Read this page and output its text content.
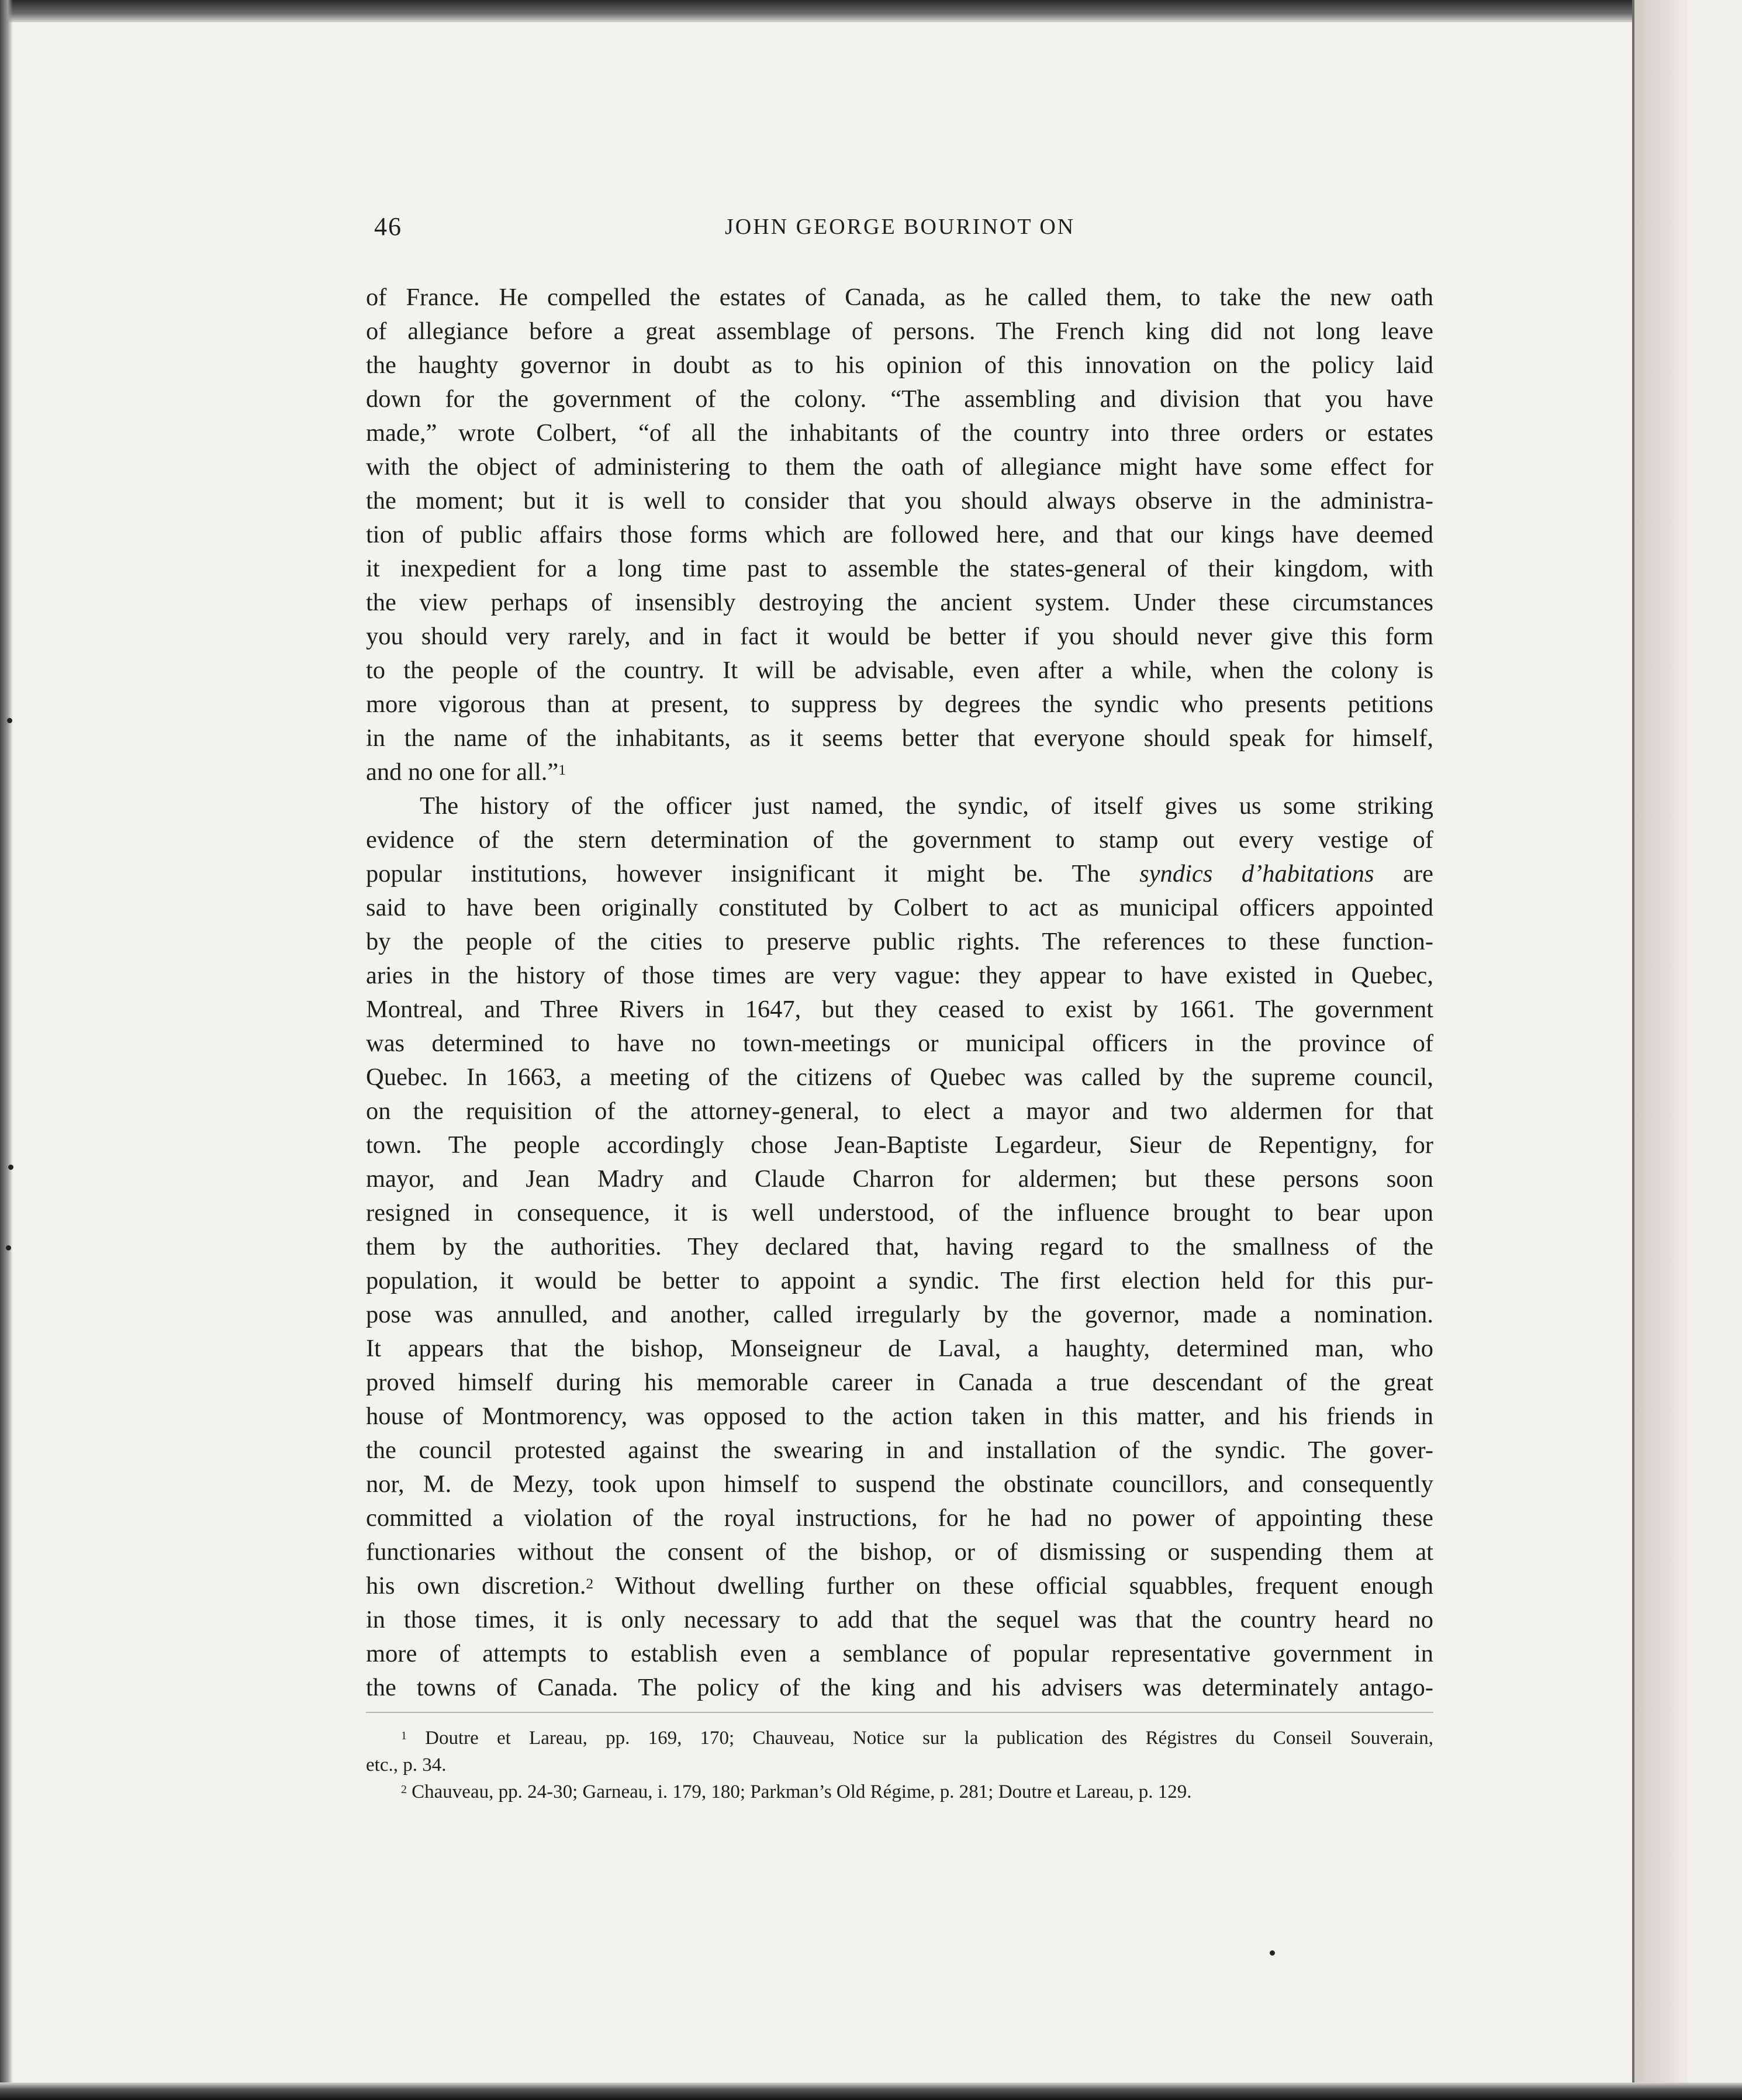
46	JOHN GEORGE BOURINOT ON
of France. He compelled the estates of Canada, as he called them, to take the new oath
of allegiance before a great assemblage of persons. The French king did not long leave
the haughty governor in doubt as to his opinion of this innovation on the policy laid
down for the government of the colony. “The assembling and division that you have
made,” wrote Colbert, “of all the inhabitants of the country into three orders or estates
with the object of administering to them the oath of allegiance might have some effect for
the moment; but it is well to consider that you should always observe in the administra-
tion of public affairs those forms which are followed here, and that our kings have deemed
it inexpedient for a long time past to assemble the states-general of their kingdom, with
the view perhaps of insensibly destroying the ancient system. Under these circumstances
you should very rarely, and in fact it would be better if you should never give this form
to the people of the country. It will be advisable, even after a while, when the colony is
more vigorous than at present, to suppress by degrees the syndic who presents petitions
in the name of the inhabitants, as it seems better that everyone should speak for himself,
and no one for all.”$^1$
The history of the officer just named, the syndic, of itself gives us some striking
evidence of the stern determination of the government to stamp out every vestige of
popular institutions, however insignificant it might be. The syndics d’habitations are
said to have been originally constituted by Colbert to act as municipal officers appointed
by the people of the cities to preserve public rights. The references to these function-
aries in the history of those times are very vague: they appear to have existed in Quebec,
Montreal, and Three Rivers in 1647, but they ceased to exist by 1661. The government
was determined to have no town-meetings or municipal officers in the province of
Quebec. In 1663, a meeting of the citizens of Quebec was called by the supreme council,
on the requisition of the attorney-general, to elect a mayor and two aldermen for that
town. The people accordingly chose Jean-Baptiste Legardeur, Sieur de Repentigny, for
mayor, and Jean Madry and Claude Charron for aldermen; but these persons soon
resigned in consequence, it is well understood, of the influence brought to bear upon
them by the authorities. They declared that, having regard to the smallness of the
population, it would be better to appoint a syndic. The first election held for this pur-
pose was annulled, and another, called irregularly by the governor, made a nomination.
It appears that the bishop, Monseigneur de Laval, a haughty, determined man, who
proved himself during his memorable career in Canada a true descendant of the great
house of Montmorency, was opposed to the action taken in this matter, and his friends in
the council protested against the swearing in and installation of the syndic. The gover-
nor, M. de Mezy, took upon himself to suspend the obstinate councillors, and consequently
committed a violation of the royal instructions, for he had no power of appointing these
functionaries without the consent of the bishop, or of dismissing or suspending them at
his own discretion.$^2$ Without dwelling further on these official squabbles, frequent enough
in those times, it is only necessary to add that the sequel was that the country heard no
more of attempts to establish even a semblance of popular representative government in
the towns of Canada. The policy of the king and his advisers was determinately antago-
$^1$ Doutre et Lareau, pp. 169, 170; Chauveau, Notice sur la publication des Régistres du Conseil Souverain,
etc., p. 34.
$^2$ Chauveau, pp. 24-30; Garneau, i. 179, 180; Parkman’s Old Régime, p. 281; Doutre et Lareau, p. 129.
